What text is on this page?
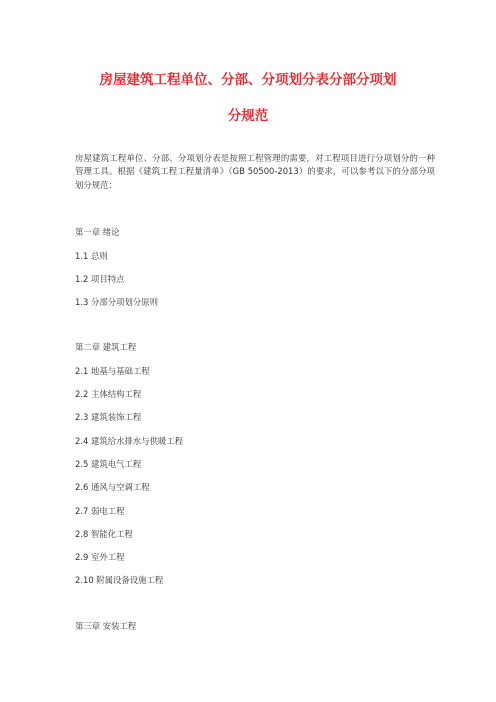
房屋建筑工程单位、分部、分项划分表分部分项划
分规范
房屋建筑工程单位、分部、分项划分表是按照工程管理的需要，对工程项目进行分项划分的一种管理工具。根据《建筑工程工程量清单》（GB 50500-2013）的要求，可以参考以下的分部分项划分规范：
第一章 绪论
1.1 总则
1.2 项目特点
1.3 分部分项划分原则
第二章 建筑工程
2.1 地基与基础工程
2.2 主体结构工程
2.3 建筑装饰工程
2.4 建筑给水排水与供暖工程
2.5 建筑电气工程
2.6 通风与空调工程
2.7 弱电工程
2.8 智能化工程
2.9 室外工程
2.10 附属设备设施工程
第三章 安装工程
